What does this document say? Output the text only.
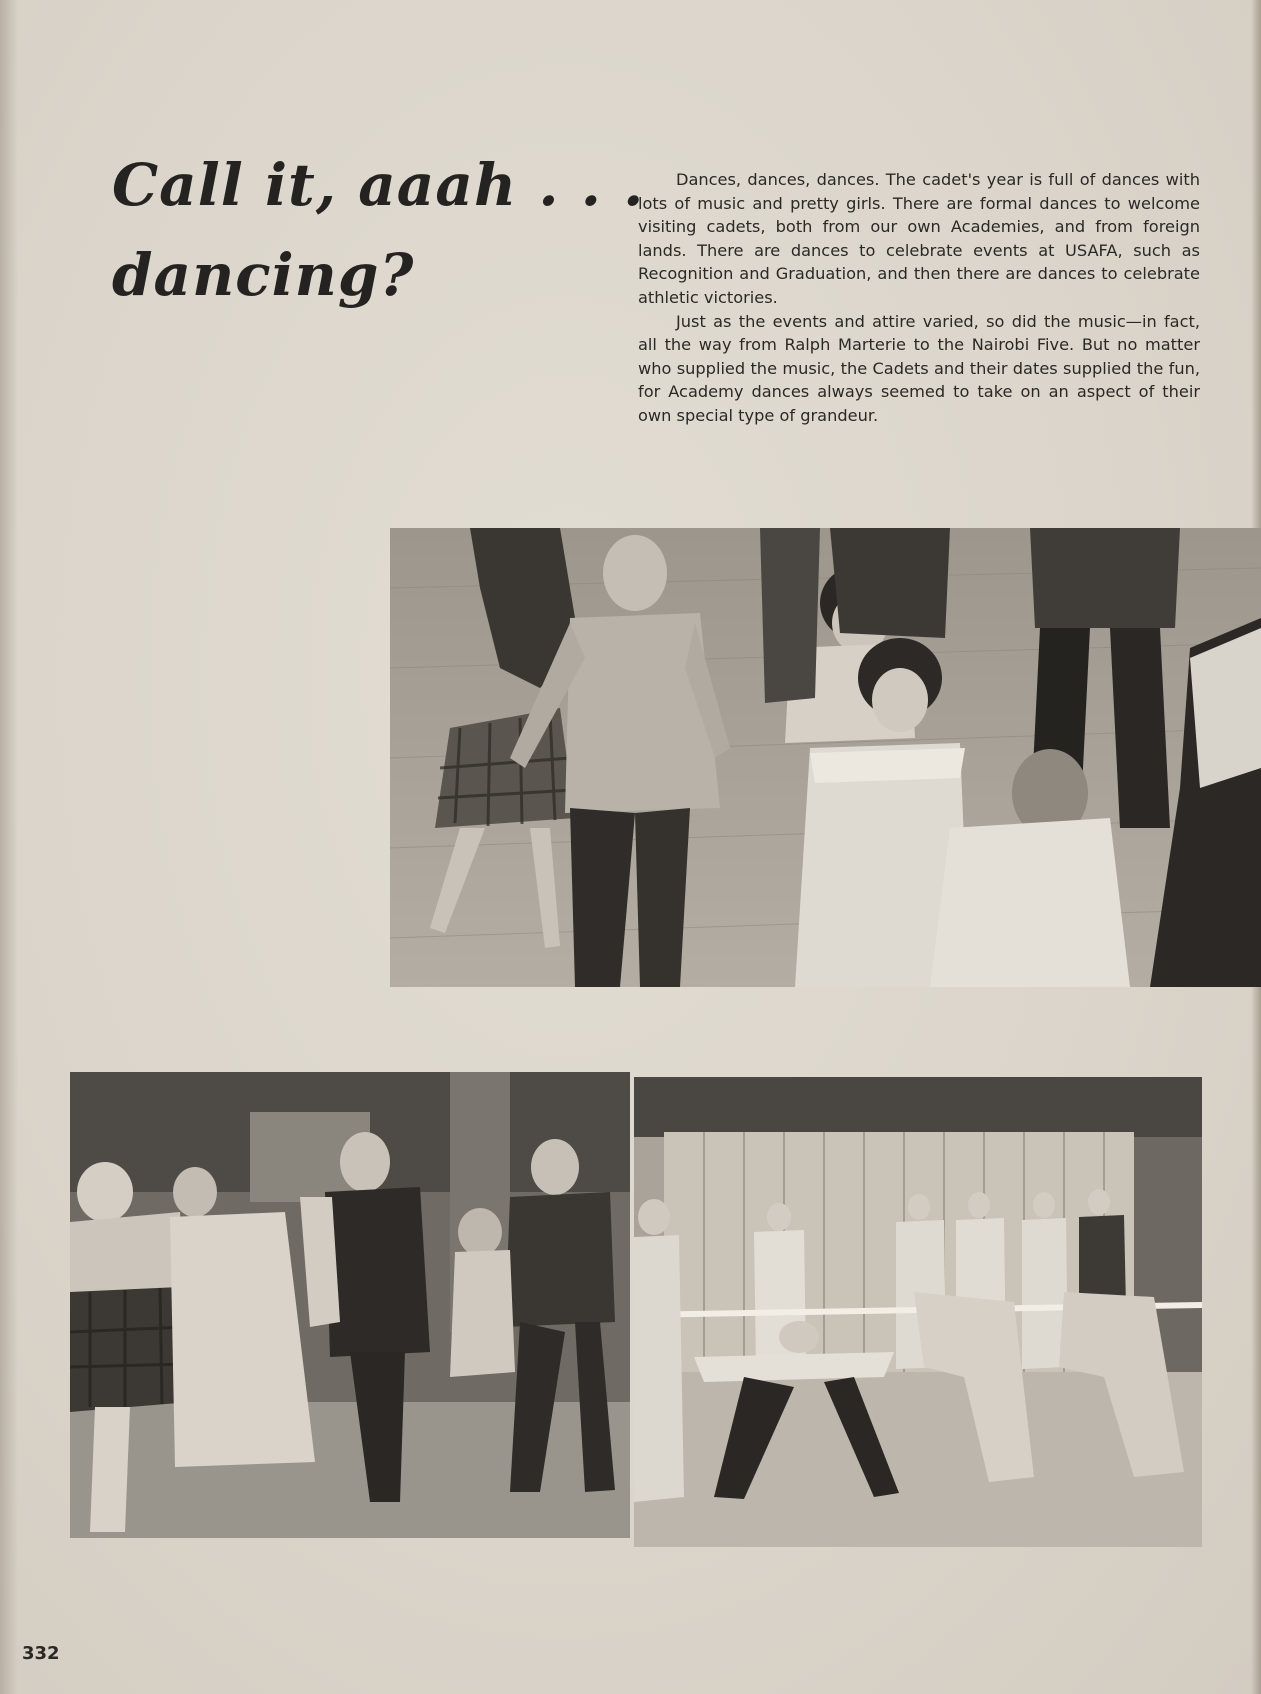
Call it, aaah . . .
dancing?

Dances, dances, dances. The cadet's year is full of dances with lots of music and pretty girls. There are formal dances to welcome visiting cadets, both from our own Academies, and from foreign lands. There are dances to celebrate events at USAFA, such as Recognition and Graduation, and then there are dances to celebrate athletic victories.

Just as the events and attire varied, so did the music—in fact, all the way from Ralph Marterie to the Nairobi Five. But no matter who supplied the music, the Cadets and their dates supplied the fun, for Academy dances always seemed to take on an aspect of their own special type of grandeur.

332
